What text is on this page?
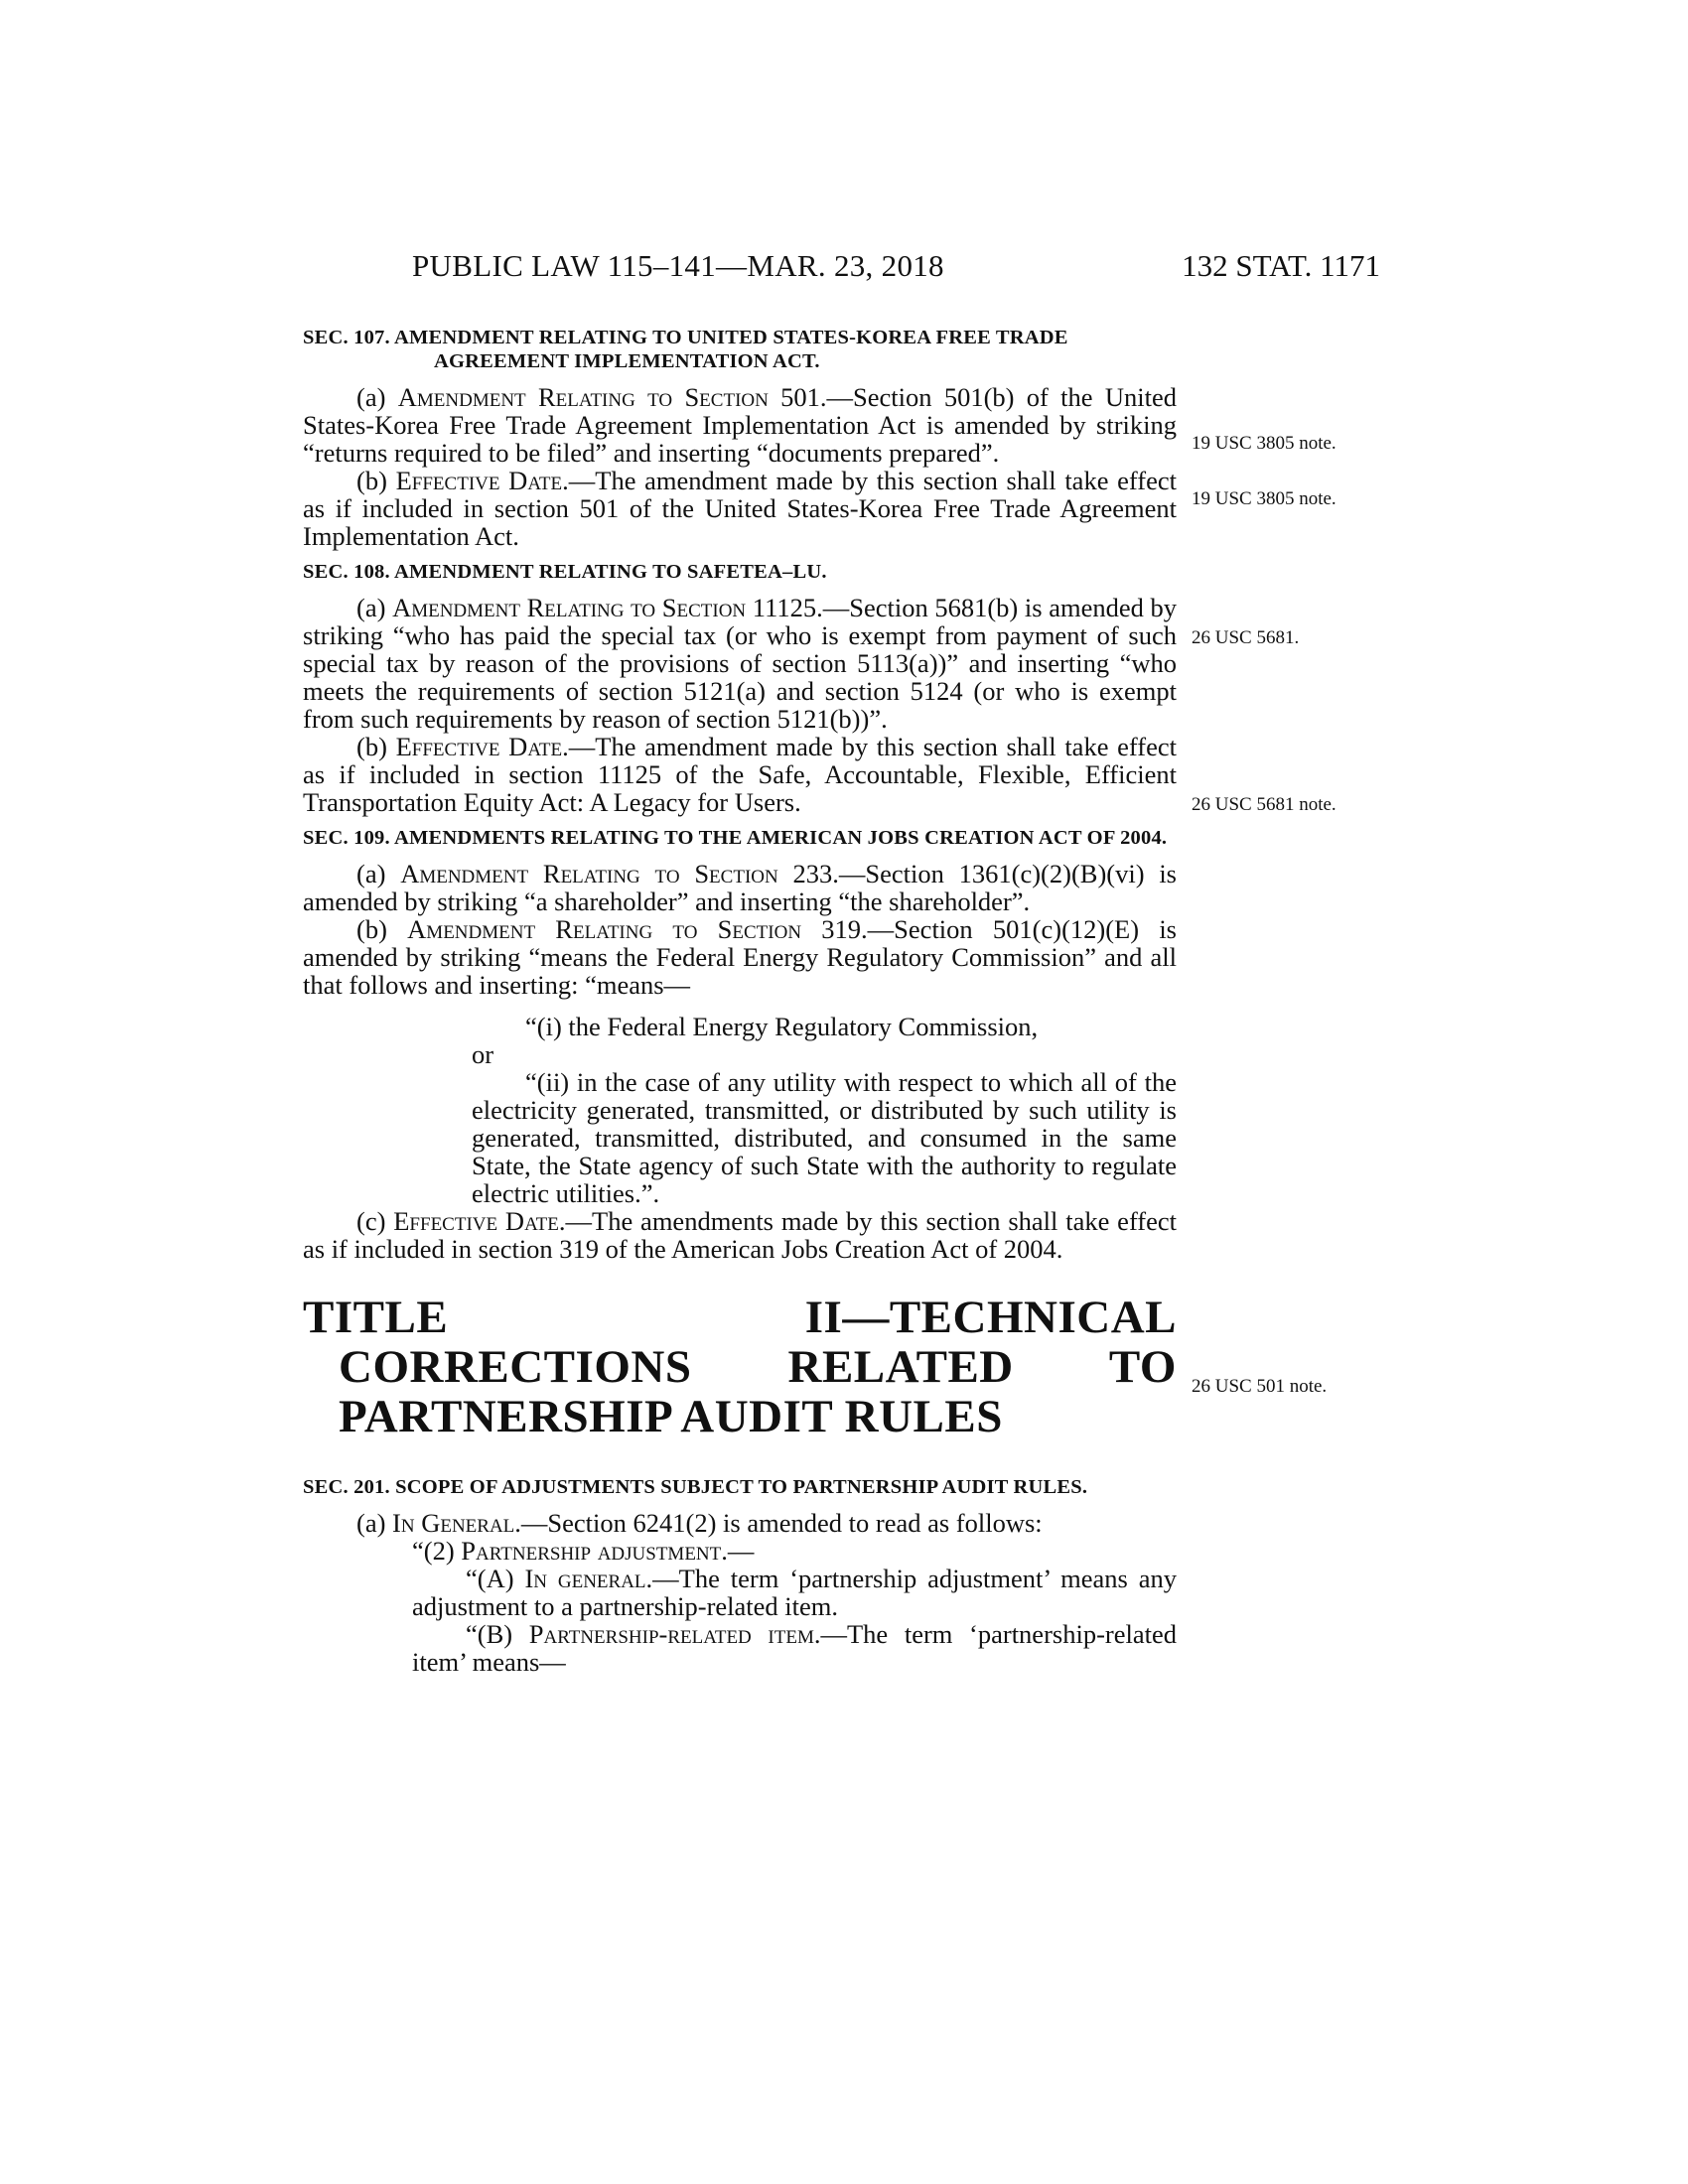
PUBLIC LAW 115–141—MAR. 23, 2018	132 STAT. 1171

SEC. 107. AMENDMENT RELATING TO UNITED STATES-KOREA FREE TRADE AGREEMENT IMPLEMENTATION ACT.

(a) Amendment Relating to Section 501.—Section 501(b) of the United States-Korea Free Trade Agreement Implementation Act is amended by striking “returns required to be filed” and inserting “documents prepared”.

(b) Effective Date.—The amendment made by this section shall take effect as if included in section 501 of the United States-Korea Free Trade Agreement Implementation Act.

SEC. 108. AMENDMENT RELATING TO SAFETEA–LU.

(a) Amendment Relating to Section 11125.—Section 5681(b) is amended by striking “who has paid the special tax (or who is exempt from payment of such special tax by reason of the provisions of section 5113(a))” and inserting “who meets the requirements of section 5121(a) and section 5124 (or who is exempt from such requirements by reason of section 5121(b))”.

(b) Effective Date.—The amendment made by this section shall take effect as if included in section 11125 of the Safe, Accountable, Flexible, Efficient Transportation Equity Act: A Legacy for Users.

SEC. 109. AMENDMENTS RELATING TO THE AMERICAN JOBS CREATION ACT OF 2004.

(a) Amendment Relating to Section 233.—Section 1361(c)(2)(B)(vi) is amended by striking “a shareholder” and inserting “the shareholder”.

(b) Amendment Relating to Section 319.—Section 501(c)(12)(E) is amended by striking “means the Federal Energy Regulatory Commission” and all that follows and inserting: “means—

“(i) the Federal Energy Regulatory Commission,

or

“(ii) in the case of any utility with respect to which all of the electricity generated, transmitted, or distributed by such utility is generated, transmitted, distributed, and consumed in the same State, the State agency of such State with the authority to regulate electric utilities.”.

(c) Effective Date.—The amendments made by this section shall take effect as if included in section 319 of the American Jobs Creation Act of 2004.

TITLE II—TECHNICAL CORRECTIONS RELATED TO PARTNERSHIP AUDIT RULES

SEC. 201. SCOPE OF ADJUSTMENTS SUBJECT TO PARTNERSHIP AUDIT RULES.

(a) In General.—Section 6241(2) is amended to read as follows:

“(2) Partnership adjustment.—

“(A) In general.—The term ‘partnership adjustment’ means any adjustment to a partnership-related item.

“(B) Partnership-related item.—The term ‘partnership-related item’ means—

19 USC 3805 note.
19 USC 3805 note.
26 USC 5681.
26 USC 5681 note.
26 USC 501 note.
